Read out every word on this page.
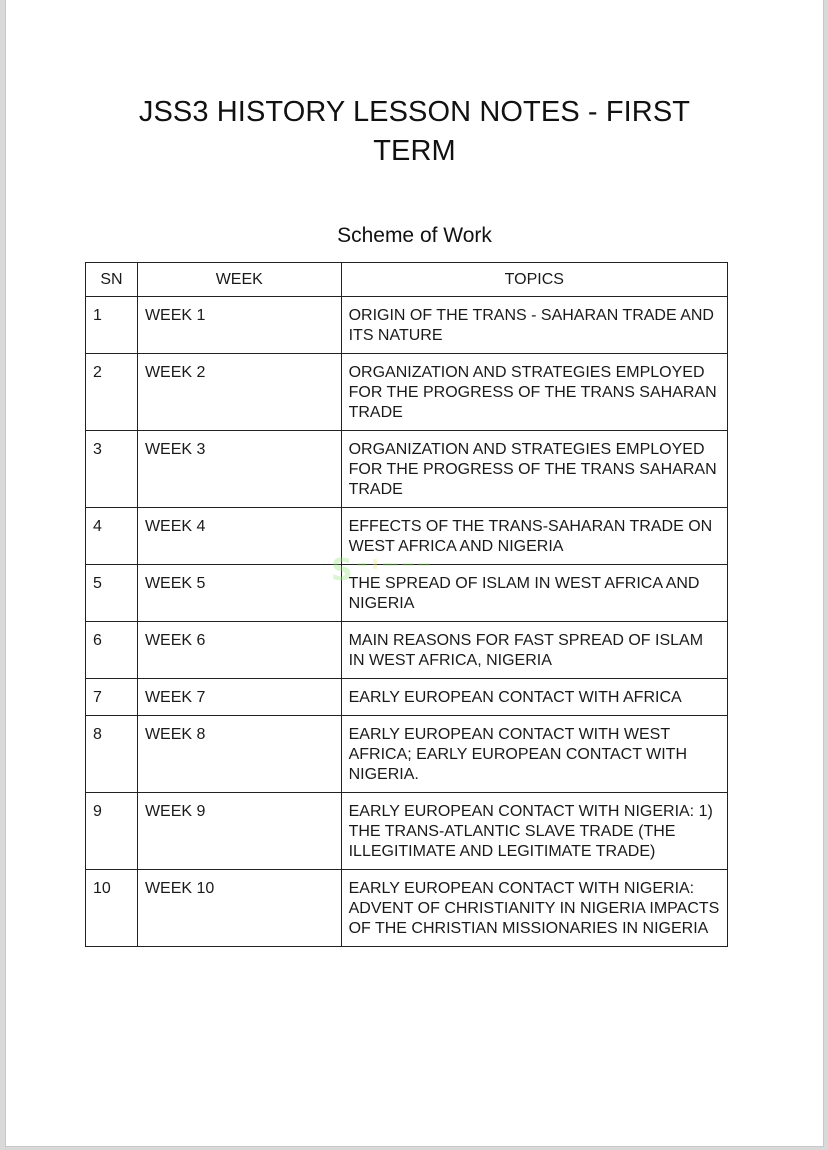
JSS3 HISTORY LESSON NOTES - FIRST TERM
Scheme of Work
SN	WEEK	TOPICS
1	WEEK 1	ORIGIN OF THE TRANS - SAHARAN TRADE AND ITS NATURE
2	WEEK 2	ORGANIZATION AND STRATEGIES EMPLOYED FOR THE PROGRESS OF THE TRANS SAHARAN TRADE
3	WEEK 3	ORGANIZATION AND STRATEGIES EMPLOYED FOR THE PROGRESS OF THE TRANS SAHARAN TRADE
4	WEEK 4	EFFECTS OF THE TRANS-SAHARAN TRADE ON WEST AFRICA AND NIGERIA
5	WEEK 5	THE SPREAD OF ISLAM IN WEST AFRICA AND NIGERIA
6	WEEK 6	MAIN REASONS FOR FAST SPREAD OF ISLAM IN WEST AFRICA, NIGERIA
7	WEEK 7	EARLY EUROPEAN CONTACT WITH AFRICA
8	WEEK 8	EARLY EUROPEAN CONTACT WITH WEST AFRICA; EARLY EUROPEAN CONTACT WITH NIGERIA.
9	WEEK 9	EARLY EUROPEAN CONTACT WITH NIGERIA: 1) THE TRANS-ATLANTIC SLAVE TRADE (THE ILLEGITIMATE AND LEGITIMATE TRADE)
10	WEEK 10	EARLY EUROPEAN CONTACT WITH NIGERIA: ADVENT OF CHRISTIANITY IN NIGERIA IMPACTS OF THE CHRISTIAN MISSIONARIES IN NIGERIA
S
